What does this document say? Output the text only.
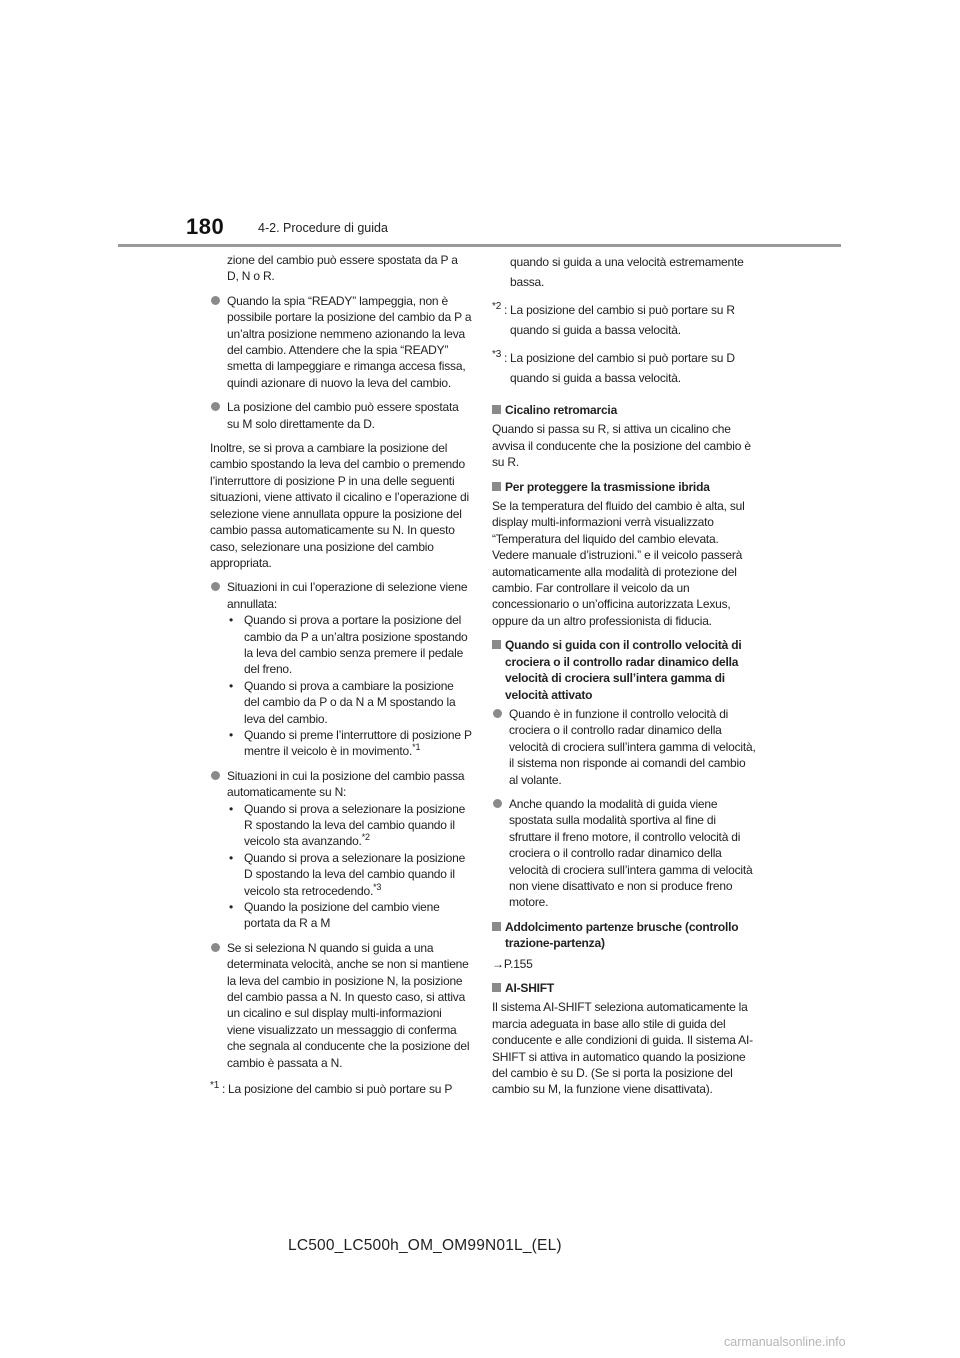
180	4-2. Procedure di guida
zione del cambio può essere spostata da P a D, N o R.
Quando la spia “READY” lampeggia, non è possibile portare la posizione del cambio da P a un’altra posizione nemmeno azionando la leva del cambio. Attendere che la spia “READY” smetta di lampeggiare e rimanga accesa fissa, quindi azionare di nuovo la leva del cambio.
La posizione del cambio può essere spostata su M solo direttamente da D.
Inoltre, se si prova a cambiare la posizione del cambio spostando la leva del cambio o premendo l’interruttore di posizione P in una delle seguenti situazioni, viene attivato il cicalino e l’operazione di selezione viene annullata oppure la posizione del cambio passa automaticamente su N. In questo caso, selezionare una posizione del cambio appropriata.
Situazioni in cui l’operazione di selezione viene annullata:
• Quando si prova a portare la posizione del cambio da P a un’altra posizione spostando la leva del cambio senza premere il pedale del freno.
• Quando si prova a cambiare la posizione del cambio da P o da N a M spostando la leva del cambio.
• Quando si preme l’interruttore di posizione P mentre il veicolo è in movimento.$^{*1}$
Situazioni in cui la posizione del cambio passa automaticamente su N:
• Quando si prova a selezionare la posizione R spostando la leva del cambio quando il veicolo sta avanzando.$^{*2}$
• Quando si prova a selezionare la posizione D spostando la leva del cambio quando il veicolo sta retrocedendo.$^{*3}$
• Quando la posizione del cambio viene portata da R a M
Se si seleziona N quando si guida a una determinata velocità, anche se non si mantiene la leva del cambio in posizione N, la posizione del cambio passa a N. In questo caso, si attiva un cicalino e sul display multi-informazioni viene visualizzato un messaggio di conferma che segnala al conducente che la posizione del cambio è passata a N.
*1 : La posizione del cambio si può portare su P
quando si guida a una velocità estremamente bassa.
*2 : La posizione del cambio si può portare su R quando si guida a bassa velocità.
*3 : La posizione del cambio si può portare su D quando si guida a bassa velocità.
Cicalino retromarcia
Quando si passa su R, si attiva un cicalino che avvisa il conducente che la posizione del cambio è su R.
Per proteggere la trasmissione ibrida
Se la temperatura del fluido del cambio è alta, sul display multi-informazioni verrà visualizzato “Temperatura del liquido del cambio elevata. Vedere manuale d’istruzioni.” e il veicolo passerà automaticamente alla modalità di protezione del cambio. Far controllare il veicolo da un concessionario o un’officina autorizzata Lexus, oppure da un altro professionista di fiducia.
Quando si guida con il controllo velocità di crociera o il controllo radar dinamico della velocità di crociera sull’intera gamma di velocità attivato
Quando è in funzione il controllo velocità di crociera o il controllo radar dinamico della velocità di crociera sull’intera gamma di velocità, il sistema non risponde ai comandi del cambio al volante.
Anche quando la modalità di guida viene spostata sulla modalità sportiva al fine di sfruttare il freno motore, il controllo velocità di crociera o il controllo radar dinamico della velocità di crociera sull’intera gamma di velocità non viene disattivato e non si produce freno motore.
Addolcimento partenze brusche (controllo trazione-partenza)
→P.155
AI-SHIFT
Il sistema AI-SHIFT seleziona automaticamente la marcia adeguata in base allo stile di guida del conducente e alle condizioni di guida. Il sistema AI-SHIFT si attiva in automatico quando la posizione del cambio è su D. (Se si porta la posizione del cambio su M, la funzione viene disattivata).
LC500_LC500h_OM_OM99N01L_(EL)
carmanualsonline.info
